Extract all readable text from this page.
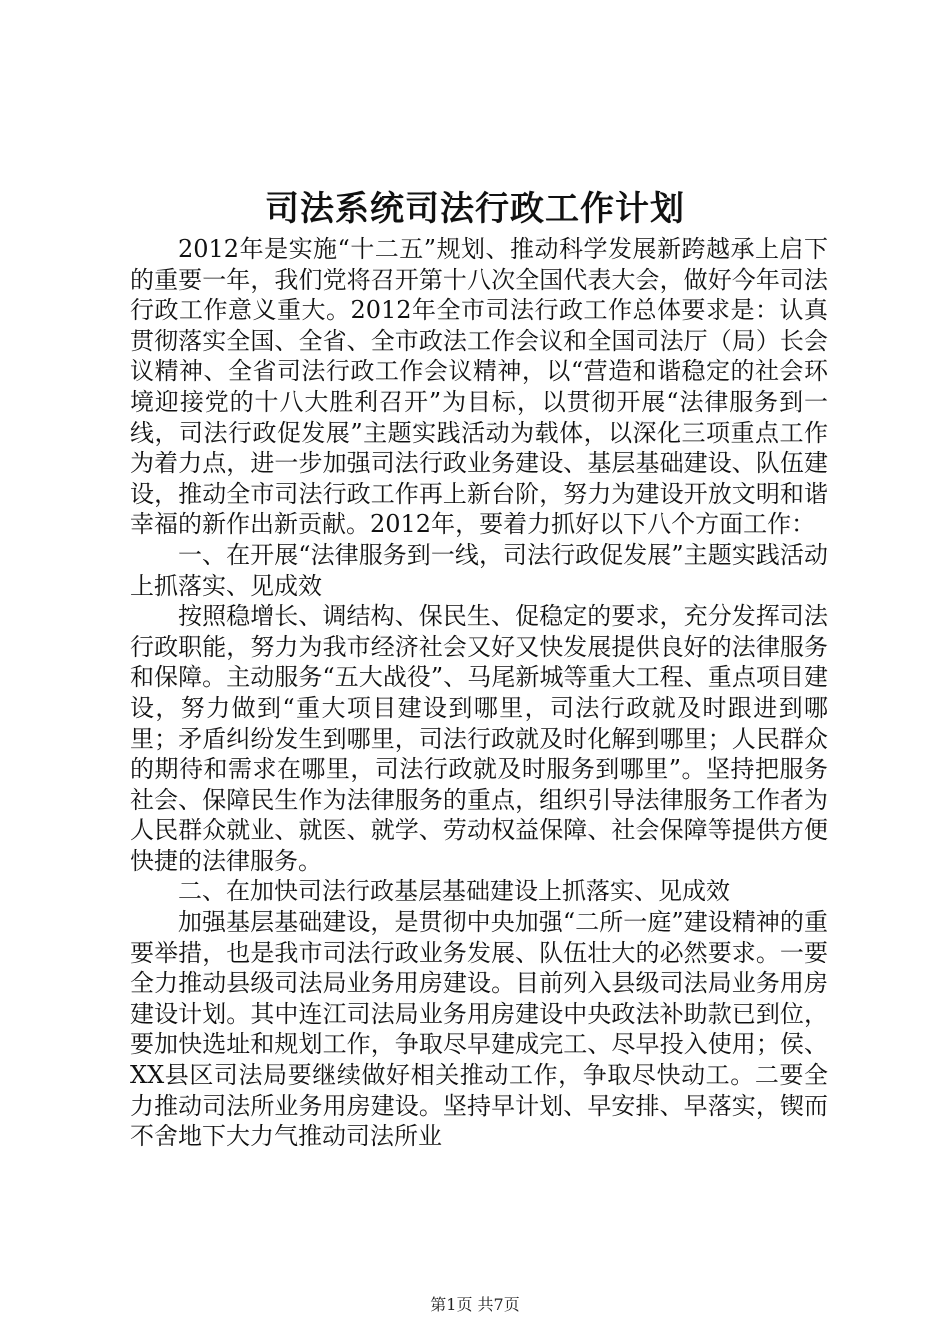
司法系统司法行政工作计划

2012年是实施“十二五”规划、推动科学发展新跨越承上启下的重要一年，我们党将召开第十八次全国代表大会，做好今年司法行政工作意义重大。2012年全市司法行政工作总体要求是：认真贯彻落实全国、全省、全市政法工作会议和全国司法厅（局）长会议精神、全省司法行政工作会议精神，以“营造和谐稳定的社会环境迎接党的十八大胜利召开”为目标，以贯彻开展“法律服务到一线，司法行政促发展”主题实践活动为载体，以深化三项重点工作为着力点，进一步加强司法行政业务建设、基层基础建设、队伍建设，推动全市司法行政工作再上新台阶，努力为建设开放文明和谐幸福的新作出新贡献。2012年，要着力抓好以下八个方面工作：

一、在开展“法律服务到一线，司法行政促发展”主题实践活动上抓落实、见成效

按照稳增长、调结构、保民生、促稳定的要求，充分发挥司法行政职能，努力为我市经济社会又好又快发展提供良好的法律服务和保障。主动服务“五大战役”、马尾新城等重大工程、重点项目建设，努力做到“重大项目建设到哪里，司法行政就及时跟进到哪里；矛盾纠纷发生到哪里，司法行政就及时化解到哪里；人民群众的期待和需求在哪里，司法行政就及时服务到哪里”。坚持把服务社会、保障民生作为法律服务的重点，组织引导法律服务工作者为人民群众就业、就医、就学、劳动权益保障、社会保障等提供方便快捷的法律服务。

二、在加快司法行政基层基础建设上抓落实、见成效

加强基层基础建设，是贯彻中央加强“二所一庭”建设精神的重要举措，也是我市司法行政业务发展、队伍壮大的必然要求。一要全力推动县级司法局业务用房建设。目前列入县级司法局业务用房建设计划。其中连江司法局业务用房建设中央政法补助款已到位，要加快选址和规划工作，争取尽早建成完工、尽早投入使用；侯、XX县区司法局要继续做好相关推动工作，争取尽快动工。二要全力推动司法所业务用房建设。坚持早计划、早安排、早落实，锲而不舍地下大力气推动司法所业

第1页 共7页
